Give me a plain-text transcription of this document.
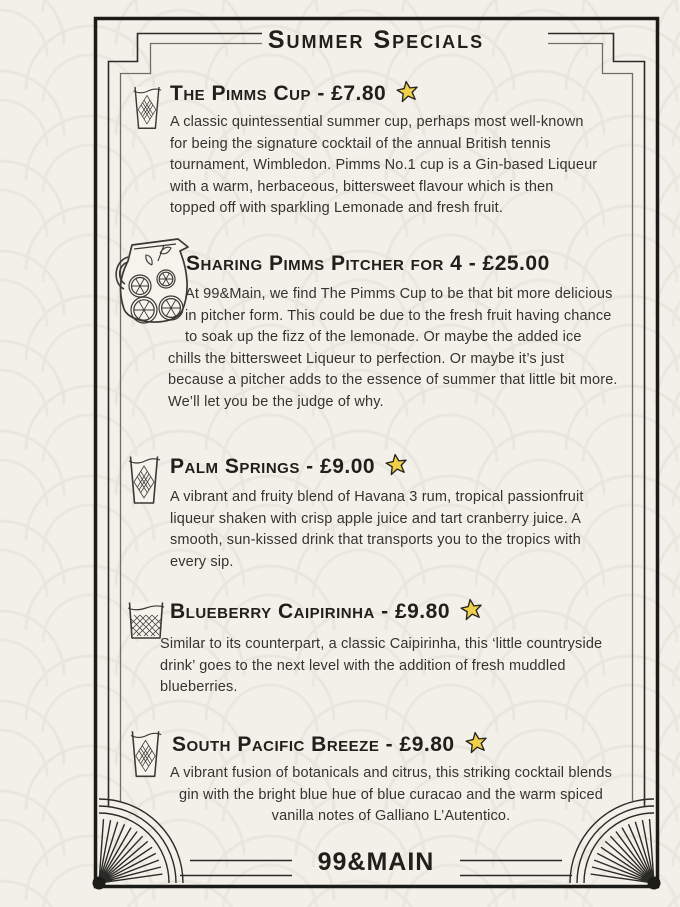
Summer Specials
The Pimms Cup - £7.80
A classic quintessential summer cup, perhaps most well-known for being the signature cocktail of the annual British tennis tournament, Wimbledon. Pimms No.1 cup is a Gin-based Liqueur with a warm, herbaceous, bittersweet flavour which is then topped off with sparkling Lemonade and fresh fruit.
Sharing Pimms Pitcher for 4 - £25.00
At 99&Main, we find The Pimms Cup to be that bit more delicious in pitcher form. This could be due to the fresh fruit having chance to soak up the fizz of the lemonade. Or maybe the added ice chills the bittersweet Liqueur to perfection. Or maybe it’s just because a pitcher adds to the essence of summer that little bit more. We’ll let you be the judge of why.
Palm Springs - £9.00
A vibrant and fruity blend of Havana 3 rum, tropical passionfruit liqueur shaken with crisp apple juice and tart cranberry juice. A smooth, sun-kissed drink that transports you to the tropics with every sip.
Blueberry Caipirinha - £9.80
Similar to its counterpart, a classic Caipirinha, this ‘little countryside drink’ goes to the next level with the addition of fresh muddled blueberries.
South Pacific Breeze - £9.80
A vibrant fusion of botanicals and citrus, this striking cocktail blends gin with the bright blue hue of blue curacao and the warm spiced vanilla notes of Galliano L’Autentico.
99&MAIN
